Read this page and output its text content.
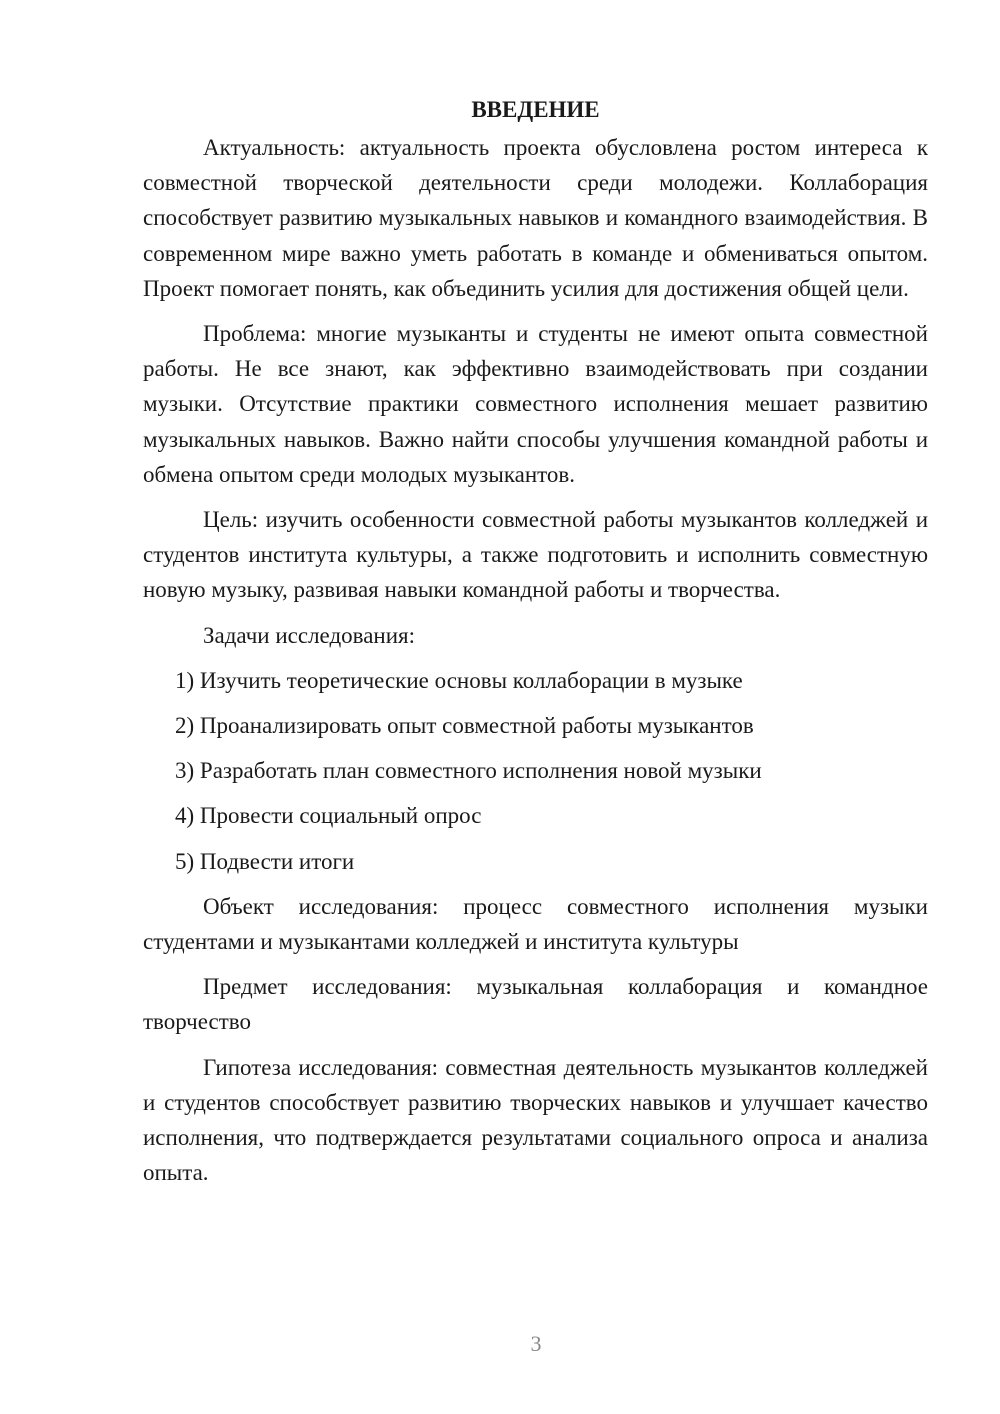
ВВЕДЕНИЕ
Актуальность: актуальность проекта обусловлена ростом интереса к совместной творческой деятельности среди молодежи. Коллаборация способствует развитию музыкальных навыков и командного взаимодействия. В современном мире важно уметь работать в команде и обмениваться опытом. Проект помогает понять, как объединить усилия для достижения общей цели.
Проблема: многие музыканты и студенты не имеют опыта совместной работы. Не все знают, как эффективно взаимодействовать при создании музыки. Отсутствие практики совместного исполнения мешает развитию музыкальных навыков. Важно найти способы улучшения командной работы и обмена опытом среди молодых музыкантов.
Цель: изучить особенности совместной работы музыкантов колледжей и студентов института культуры, а также подготовить и исполнить совместную новую музыку, развивая навыки командной работы и творчества.
Задачи исследования:
1) Изучить теоретические основы коллаборации в музыке
2) Проанализировать опыт совместной работы музыкантов
3) Разработать план совместного исполнения новой музыки
4) Провести социальный опрос
5) Подвести итоги
Объект исследования: процесс совместного исполнения музыки студентами и музыкантами колледжей и института культуры
Предмет исследования: музыкальная коллаборация и командное творчество
Гипотеза исследования: совместная деятельность музыкантов колледжей и студентов способствует развитию творческих навыков и улучшает качество исполнения, что подтверждается результатами социального опроса и анализа опыта.
3
